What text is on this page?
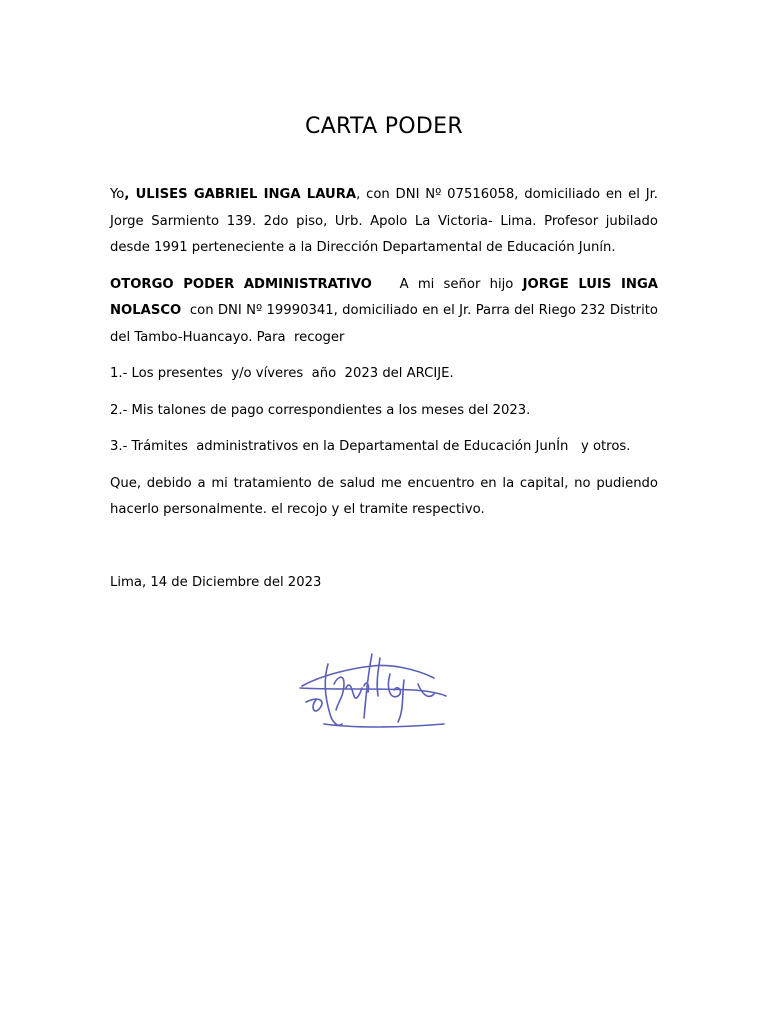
CARTA PODER

Yo, ULISES GABRIEL INGA LAURA, con DNI Nº 07516058, domiciliado en el Jr. Jorge Sarmiento 139. 2do piso, Urb. Apolo La Victoria- Lima. Profesor jubilado desde 1991 perteneciente a la Dirección Departamental de Educación Junín.

OTORGO PODER ADMINISTRATIVO   A mi señor hijo JORGE LUIS INGA NOLASCO  con DNI Nº 19990341, domiciliado en el Jr. Parra del Riego 232 Distrito del Tambo-Huancayo. Para  recoger

1.- Los presentes  y/o víveres  año  2023 del ARCIJE.

2.- Mis talones de pago correspondientes a los meses del 2023.

3.- Trámites  administrativos en la Departamental de Educación JunÍn   y otros.

Que, debido a mi tratamiento de salud me encuentro en la capital, no pudiendo hacerlo personalmente. el recojo y el tramite respectivo.

Lima, 14 de Diciembre del 2023
